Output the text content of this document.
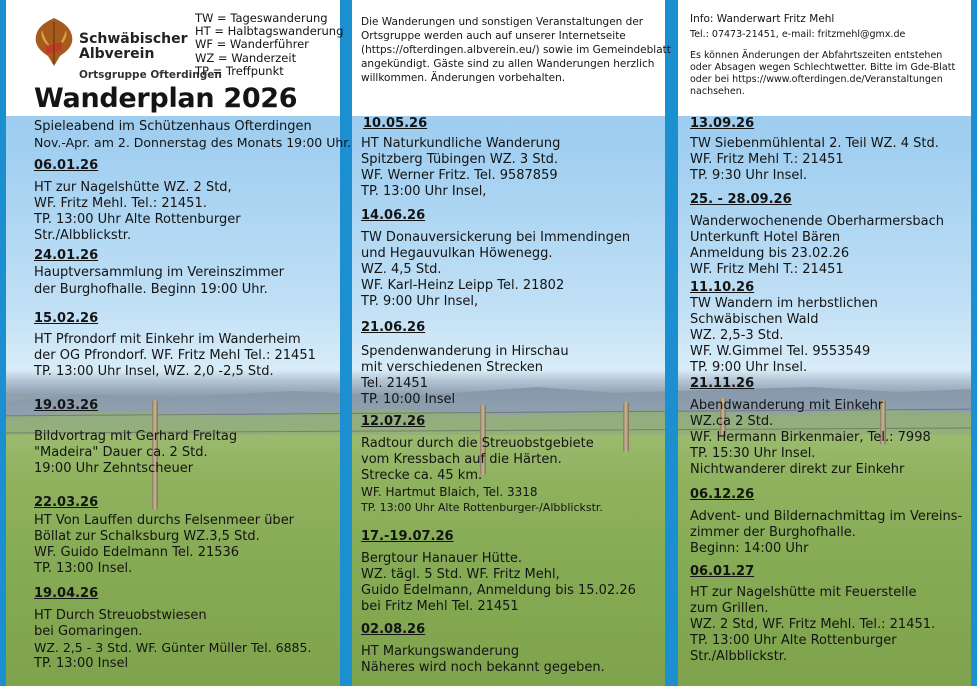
Schwäbischer
Albverein
Ortsgruppe Ofterdingen
TW = Tageswanderung
HT = Halbtagswanderung
WF = Wanderführer
WZ = Wanderzeit
TP = Treffpunkt
Wanderplan 2026
Die Wanderungen und sonstigen Veranstaltungen der
Ortsgruppe werden auch auf unserer Internetseite
(https://ofterdingen.albverein.eu/) sowie im Gemeindeblatt
angekündigt. Gäste sind zu allen Wanderungen herzlich
willkommen. Änderungen vorbehalten.
Info: Wanderwart Fritz Mehl
Tel.: 07473-21451, e-mail: fritzmehl@gmx.de
Es können Änderungen der Abfahrtszeiten entstehen
oder Absagen wegen Schlechtwetter. Bitte im Gde-Blatt
oder bei https://www.ofterdingen.de/Veranstaltungen
nachsehen.
Spieleabend im Schützenhaus Ofterdingen
Nov.-Apr. am 2. Donnerstag des Monats 19:00 Uhr.
06.01.26
HT zur Nagelshütte WZ. 2 Std,
WF. Fritz Mehl. Tel.: 21451.
TP. 13:00 Uhr Alte Rottenburger
Str./Albblickstr.
24.01.26
Hauptversammlung im Vereinszimmer
der Burghofhalle. Beginn 19:00 Uhr.
15.02.26
HT Pfrondorf mit Einkehr im Wanderheim
der OG Pfrondorf. WF. Fritz Mehl Tel.: 21451
TP. 13:00 Uhr Insel, WZ. 2,0 -2,5 Std.
19.03.26
Bildvortrag mit Gerhard Freitag
"Madeira" Dauer ca. 2 Std.
19:00 Uhr Zehntscheuer
22.03.26
HT Von Lauffen durchs Felsenmeer über
Böllat zur Schalksburg WZ.3,5 Std.
WF. Guido Edelmann Tel. 21536
TP. 13:00 Insel.
19.04.26
HT Durch Streuobstwiesen
bei Gomaringen.
WZ. 2,5 - 3 Std. WF. Günter Müller Tel. 6885.
TP. 13:00 Insel
10.05.26
HT Naturkundliche Wanderung
Spitzberg Tübingen WZ. 3 Std.
WF. Werner Fritz. Tel. 9587859
TP. 13:00 Uhr Insel,
14.06.26
TW Donauversickerung bei Immendingen
und Hegauvulkan Höwenegg.
WZ. 4,5 Std.
WF. Karl-Heinz Leipp Tel. 21802
TP. 9:00 Uhr Insel,
21.06.26
Spendenwanderung in Hirschau
mit verschiedenen Strecken
Tel. 21451
TP. 10:00 Insel
12.07.26
Radtour durch die Streuobstgebiete
vom Kressbach auf die Härten.
Strecke ca. 45 km.
WF. Hartmut Blaich, Tel. 3318
TP. 13:00 Uhr Alte Rottenburger-/Albblickstr.
17.-19.07.26
Bergtour Hanauer Hütte.
WZ. tägl. 5 Std. WF. Fritz Mehl,
Guido Edelmann, Anmeldung bis 15.02.26
bei Fritz Mehl Tel. 21451
02.08.26
HT Markungswanderung
Näheres wird noch bekannt gegeben.
13.09.26
TW Siebenmühlental 2. Teil WZ. 4 Std.
WF. Fritz Mehl T.: 21451
TP. 9:30 Uhr Insel.
25. - 28.09.26
Wanderwochenende Oberharmersbach
Unterkunft Hotel Bären
Anmeldung bis 23.02.26
WF. Fritz Mehl T.: 21451
11.10.26
TW Wandern im herbstlichen
Schwäbischen Wald
WZ. 2,5-3 Std.
WF. W.Gimmel Tel. 9553549
TP. 9:00 Uhr Insel.
21.11.26
Abendwanderung mit Einkehr
WZ.ca 2 Std.
WF. Hermann Birkenmaier, Tel.: 7998
TP. 15:30 Uhr Insel.
Nichtwanderer direkt zur Einkehr
06.12.26
Advent- und Bildernachmittag im Vereins-
zimmer der Burghofhalle.
Beginn: 14:00 Uhr
06.01.27
HT zur Nagelshütte mit Feuerstelle
zum Grillen.
WZ. 2 Std, WF. Fritz Mehl. Tel.: 21451.
TP. 13:00 Uhr Alte Rottenburger
Str./Albblickstr.
